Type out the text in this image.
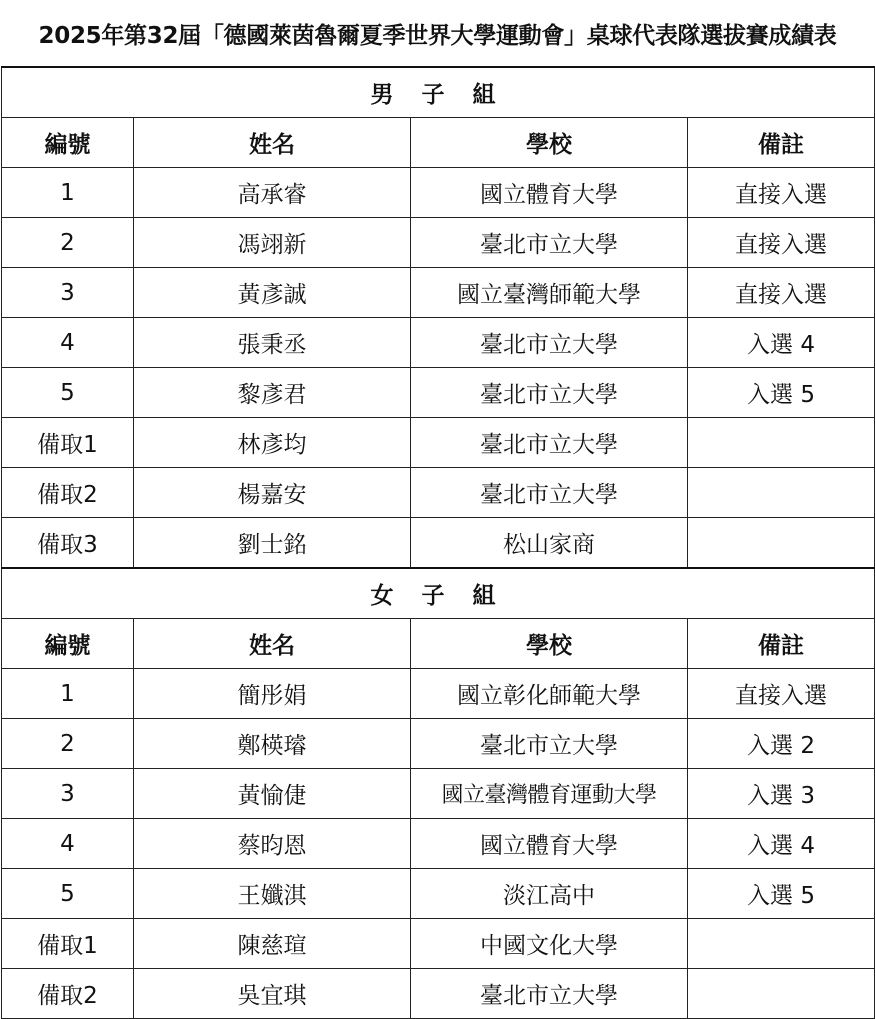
2025年第32屆「德國萊茵魯爾夏季世界大學運動會」桌球代表隊選拔賽成績表
男 子 組			
編號	姓名	學校	備註
1	高承睿	國立體育大學	直接入選
2	馮翊新	臺北市立大學	直接入選
3	黃彥誠	國立臺灣師範大學	直接入選
4	張秉丞	臺北市立大學	入選 4
5	黎彥君	臺北市立大學	入選 5
備取1	林彥均	臺北市立大學	
備取2	楊嘉安	臺北市立大學	
備取3	劉士銘	松山家商	
女 子 組			
編號	姓名	學校	備註
1	簡彤娟	國立彰化師範大學	直接入選
2	鄭楧璿	臺北市立大學	入選 2
3	黃愉倢	國立臺灣體育運動大學	入選 3
4	蔡昀恩	國立體育大學	入選 4
5	王孅淇	淡江高中	入選 5
備取1	陳慈瑄	中國文化大學	
備取2	吳宜琪	臺北市立大學	
